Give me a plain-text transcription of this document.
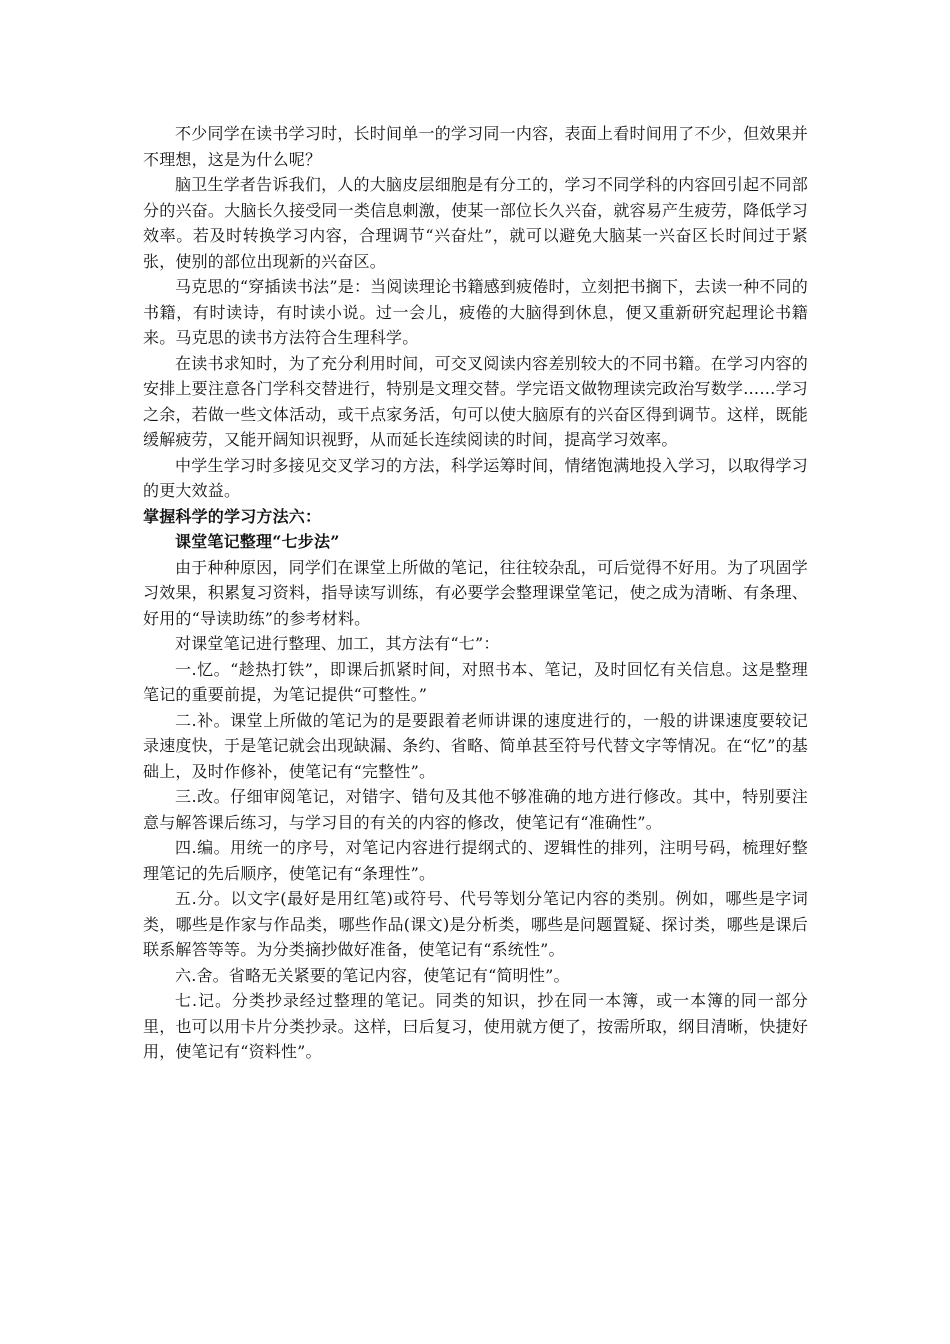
不少同学在读书学习时，长时间单一的学习同一内容，表面上看时间用了不少，但效果并不理想，这是为什么呢？

脑卫生学者告诉我们，人的大脑皮层细胞是有分工的，学习不同学科的内容回引起不同部分的兴奋。大脑长久接受同一类信息刺激，使某一部位长久兴奋，就容易产生疲劳，降低学习效率。若及时转换学习内容，合理调节“兴奋灶”，就可以避免大脑某一兴奋区长时间过于紧张，使别的部位出现新的兴奋区。

马克思的“穿插读书法”是：当阅读理论书籍感到疲倦时，立刻把书搁下，去读一种不同的书籍，有时读诗，有时读小说。过一会儿，疲倦的大脑得到休息，便又重新研究起理论书籍来。马克思的读书方法符合生理科学。

在读书求知时，为了充分利用时间，可交叉阅读内容差别较大的不同书籍。在学习内容的安排上要注意各门学科交替进行，特别是文理交替。学完语文做物理读完政治写数学……学习之余，若做一些文体活动，或干点家务活，句可以使大脑原有的兴奋区得到调节。这样，既能缓解疲劳，又能开阔知识视野，从而延长连续阅读的时间，提高学习效率。

中学生学习时多接见交叉学习的方法，科学运筹时间，情绪饱满地投入学习，以取得学习的更大效益。

掌握科学的学习方法六：

课堂笔记整理“七步法”

由于种种原因，同学们在课堂上所做的笔记，往往较杂乱，可后觉得不好用。为了巩固学习效果，积累复习资料，指导读写训练，有必要学会整理课堂笔记，使之成为清晰、有条理、好用的“导读助练”的参考材料。

对课堂笔记进行整理、加工，其方法有“七”：

一.忆。“趁热打铁”，即课后抓紧时间，对照书本、笔记，及时回忆有关信息。这是整理笔记的重要前提，为笔记提供“可整性。”

二.补。课堂上所做的笔记为的是要跟着老师讲课的速度进行的，一般的讲课速度要较记录速度快，于是笔记就会出现缺漏、条约、省略、简单甚至符号代替文字等情况。在“忆”的基础上，及时作修补，使笔记有“完整性”。

三.改。仔细审阅笔记，对错字、错句及其他不够准确的地方进行修改。其中，特别要注意与解答课后练习，与学习目的有关的内容的修改，使笔记有“准确性”。

四.编。用统一的序号，对笔记内容进行提纲式的、逻辑性的排列，注明号码，梳理好整理笔记的先后顺序，使笔记有“条理性”。

五.分。以文字(最好是用红笔)或符号、代号等划分笔记内容的类别。例如，哪些是字词类，哪些是作家与作品类，哪些作品(课文)是分析类，哪些是问题置疑、探讨类，哪些是课后联系解答等等。为分类摘抄做好准备，使笔记有“系统性”。

六.舍。省略无关紧要的笔记内容，使笔记有“简明性”。

七.记。分类抄录经过整理的笔记。同类的知识，抄在同一本簿，或一本簿的同一部分里，也可以用卡片分类抄录。这样，曰后复习，使用就方便了，按需所取，纲目清晰，快捷好用，使笔记有“资料性”。
